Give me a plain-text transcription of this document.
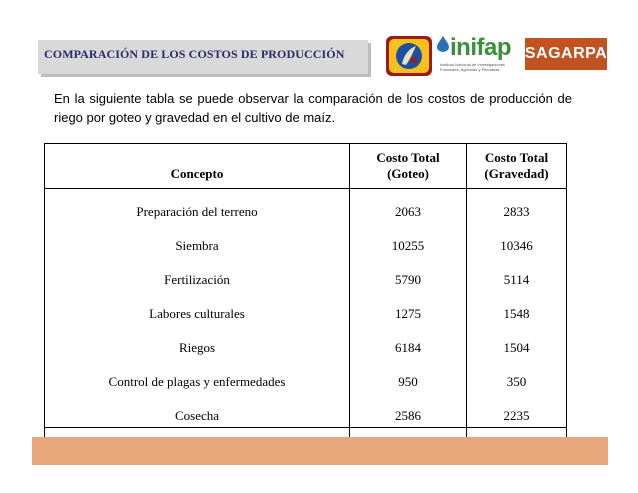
COMPARACIÓN DE LOS COSTOS DE PRODUCCIÓN	inifap
Instituto Nacional de Investigaciones Forestales, Agrícolas y Pecuarias
SAGARPA
En la siguiente tabla se puede observar la comparación de los costos de producción de riego por goteo y gravedad en el cultivo de maíz.
Concepto	Costo Total (Goteo)	Costo Total (Gravedad)
Preparación del terreno	2063	2833
Siembra	10255	10346
Fertilización	5790	5114
Labores culturales	1275	1548
Riegos	6184	1504
Control de plagas y enfermedades	950	350
Cosecha	2586	2235
